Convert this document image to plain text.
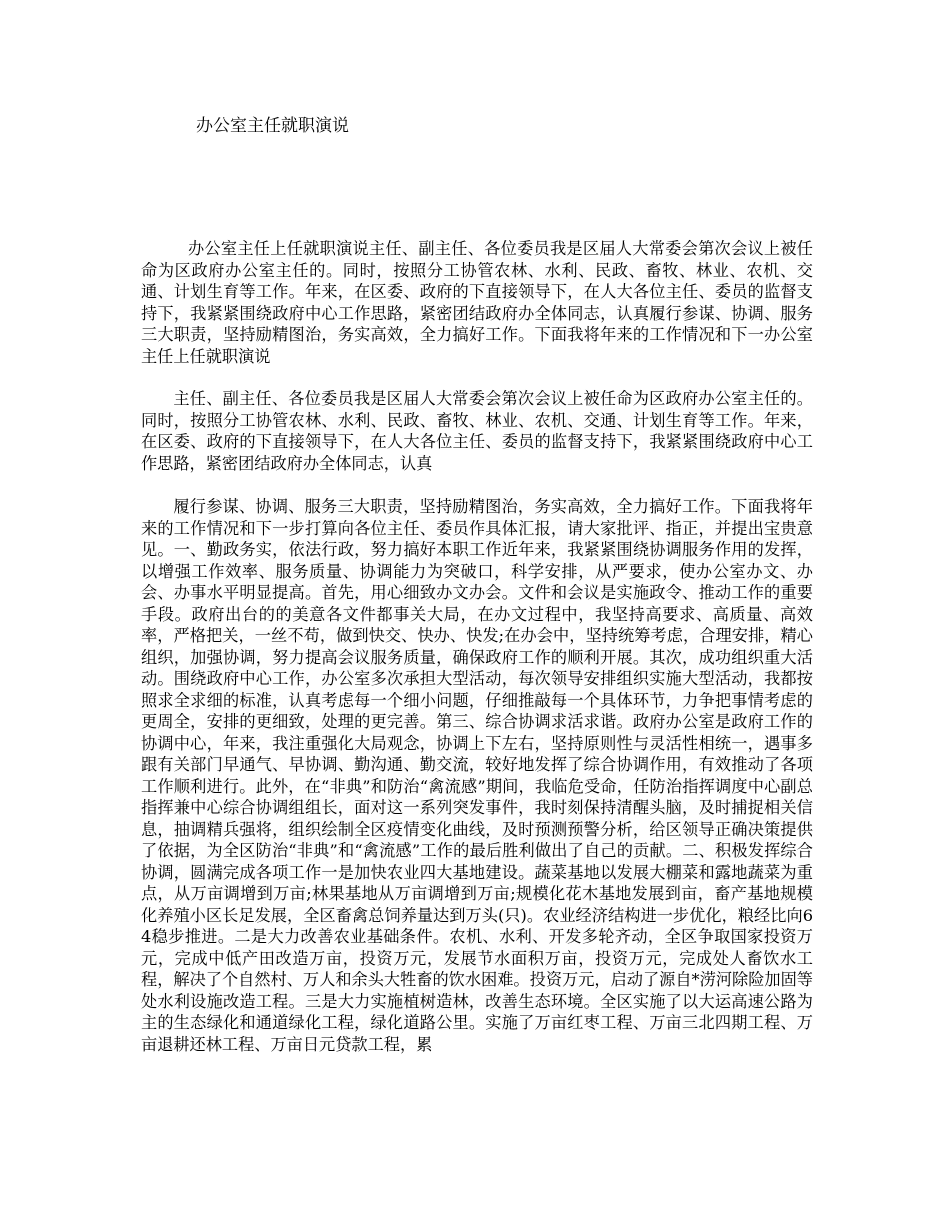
办公室主任就职演说

办公室主任上任就职演说主任、副主任、各位委员我是区届人大常委会第次会议上被任命为区政府办公室主任的。同时，按照分工协管农林、水利、民政、畜牧、林业、农机、交通、计划生育等工作。年来，在区委、政府的下直接领导下，在人大各位主任、委员的监督支持下，我紧紧围绕政府中心工作思路，紧密团结政府办全体同志，认真履行参谋、协调、服务三大职责，坚持励精图治，务实高效，全力搞好工作。下面我将年来的工作情况和下一办公室主任上任就职演说

主任、副主任、各位委员我是区届人大常委会第次会议上被任命为区政府办公室主任的。同时，按照分工协管农林、水利、民政、畜牧、林业、农机、交通、计划生育等工作。年来，在区委、政府的下直接领导下，在人大各位主任、委员的监督支持下，我紧紧围绕政府中心工作思路，紧密团结政府办全体同志，认真

履行参谋、协调、服务三大职责，坚持励精图治，务实高效，全力搞好工作。下面我将年来的工作情况和下一步打算向各位主任、委员作具体汇报，请大家批评、指正，并提出宝贵意见。一、勤政务实，依法行政，努力搞好本职工作近年来，我紧紧围绕协调服务作用的发挥，以增强工作效率、服务质量、协调能力为突破口，科学安排，从严要求，使办公室办文、办会、办事水平明显提高。首先，用心细致办文办会。文件和会议是实施政令、推动工作的重要手段。政府出台的的美意各文件都事关大局，在办文过程中，我坚持高要求、高质量、高效率，严格把关，一丝不苟，做到快交、快办、快发;在办会中，坚持统筹考虑，合理安排，精心组织，加强协调，努力提高会议服务质量，确保政府工作的顺利开展。其次，成功组织重大活动。围绕政府中心工作，办公室多次承担大型活动，每次领导安排组织实施大型活动，我都按照求全求细的标准，认真考虑每一个细小问题，仔细推敲每一个具体环节，力争把事情考虑的更周全，安排的更细致，处理的更完善。第三、综合协调求活求谐。政府办公室是政府工作的协调中心，年来，我注重强化大局观念，协调上下左右，坚持原则性与灵活性相统一，遇事多跟有关部门早通气、早协调、勤沟通、勤交流，较好地发挥了综合协调作用，有效推动了各项工作顺利进行。此外，在“非典”和防治“禽流感”期间，我临危受命，任防治指挥调度中心副总指挥兼中心综合协调组组长，面对这一系列突发事件，我时刻保持清醒头脑，及时捕捉相关信息，抽调精兵强将，组织绘制全区疫情变化曲线，及时预测预警分析，给区领导正确决策提供了依据，为全区防治“非典”和“禽流感”工作的最后胜利做出了自己的贡献。二、积极发挥综合协调，圆满完成各项工作一是加快农业四大基地建设。蔬菜基地以发展大棚菜和露地蔬菜为重点，从万亩调增到万亩;林果基地从万亩调增到万亩;规模化花木基地发展到亩，畜产基地规模化养殖小区长足发展，全区畜禽总饲养量达到万头(只)。农业经济结构进一步优化，粮经比向64稳步推进。二是大力改善农业基础条件。农机、水利、开发多轮齐动，全区争取国家投资万元，完成中低产田改造万亩，投资万元，发展节水面积万亩，投资万元，完成处人畜饮水工程，解决了个自然村、万人和余头大牲畜的饮水困难。投资万元，启动了源自*涝河除险加固等处水利设施改造工程。三是大力实施植树造林，改善生态环境。全区实施了以大运高速公路为主的生态绿化和通道绿化工程，绿化道路公里。实施了万亩红枣工程、万亩三北四期工程、万亩退耕还林工程、万亩日元贷款工程，累
